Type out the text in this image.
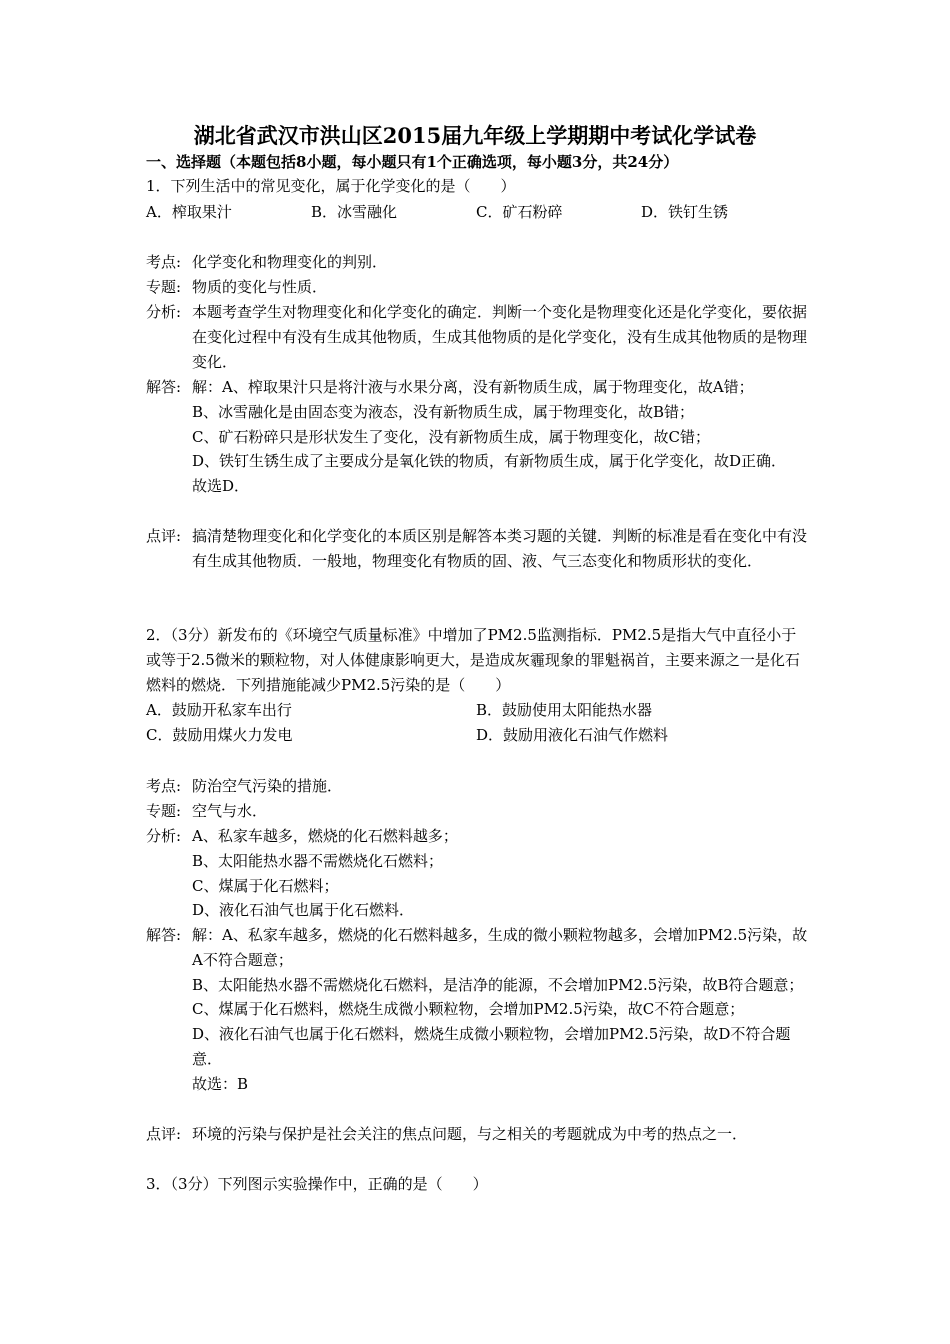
湖北省武汉市洪山区2015届九年级上学期期中考试化学试卷
一、选择题（本题包括8小题，每小题只有1个正确选项，每小题3分，共24分）
1．下列生活中的常见变化，属于化学变化的是（　　）
A．榨取果汁	B．冰雪融化	C．矿石粉碎	D．铁钉生锈
考点: 化学变化和物理变化的判别．
专题: 物质的变化与性质．
分析: 本题考查学生对物理变化和化学变化的确定．判断一个变化是物理变化还是化学变化，要依据在变化过程中有没有生成其他物质，生成其他物质的是化学变化，没有生成其他物质的是物理变化．
解答: 解：A、榨取果汁只是将汁液与水果分离，没有新物质生成，属于物理变化，故A错；
B、冰雪融化是由固态变为液态，没有新物质生成，属于物理变化，故B错；
C、矿石粉碎只是形状发生了变化，没有新物质生成，属于物理变化，故C错；
D、铁钉生锈生成了主要成分是氧化铁的物质，有新物质生成，属于化学变化，故D正确．
故选D．
点评: 搞清楚物理变化和化学变化的本质区别是解答本类习题的关键．判断的标准是看在变化中有没有生成其他物质．一般地，物理变化有物质的固、液、气三态变化和物质形状的变化．
2．（3分）新发布的《环境空气质量标准》中增加了PM2.5监测指标．PM2.5是指大气中直径小于或等于2.5微米的颗粒物，对人体健康影响更大，是造成灰霾现象的罪魁祸首，主要来源之一是化石燃料的燃烧．下列措施能减少PM2.5污染的是（　　）
A．鼓励开私家车出行	B．鼓励使用太阳能热水器
C．鼓励用煤火力发电	D．鼓励用液化石油气作燃料
考点: 防治空气污染的措施．
专题: 空气与水．
分析: A、私家车越多，燃烧的化石燃料越多；
B、太阳能热水器不需燃烧化石燃料；
C、煤属于化石燃料；
D、液化石油气也属于化石燃料．
解答: 解：A、私家车越多，燃烧的化石燃料越多，生成的微小颗粒物越多，会增加PM2.5污染，故A不符合题意；
B、太阳能热水器不需燃烧化石燃料，是洁净的能源，不会增加PM2.5污染，故B符合题意；
C、煤属于化石燃料，燃烧生成微小颗粒物，会增加PM2.5污染，故C不符合题意；
D、液化石油气也属于化石燃料，燃烧生成微小颗粒物，会增加PM2.5污染，故D不符合题意．
故选：B
点评: 环境的污染与保护是社会关注的焦点问题，与之相关的考题就成为中考的热点之一．
3．（3分）下列图示实验操作中，正确的是（　　）
